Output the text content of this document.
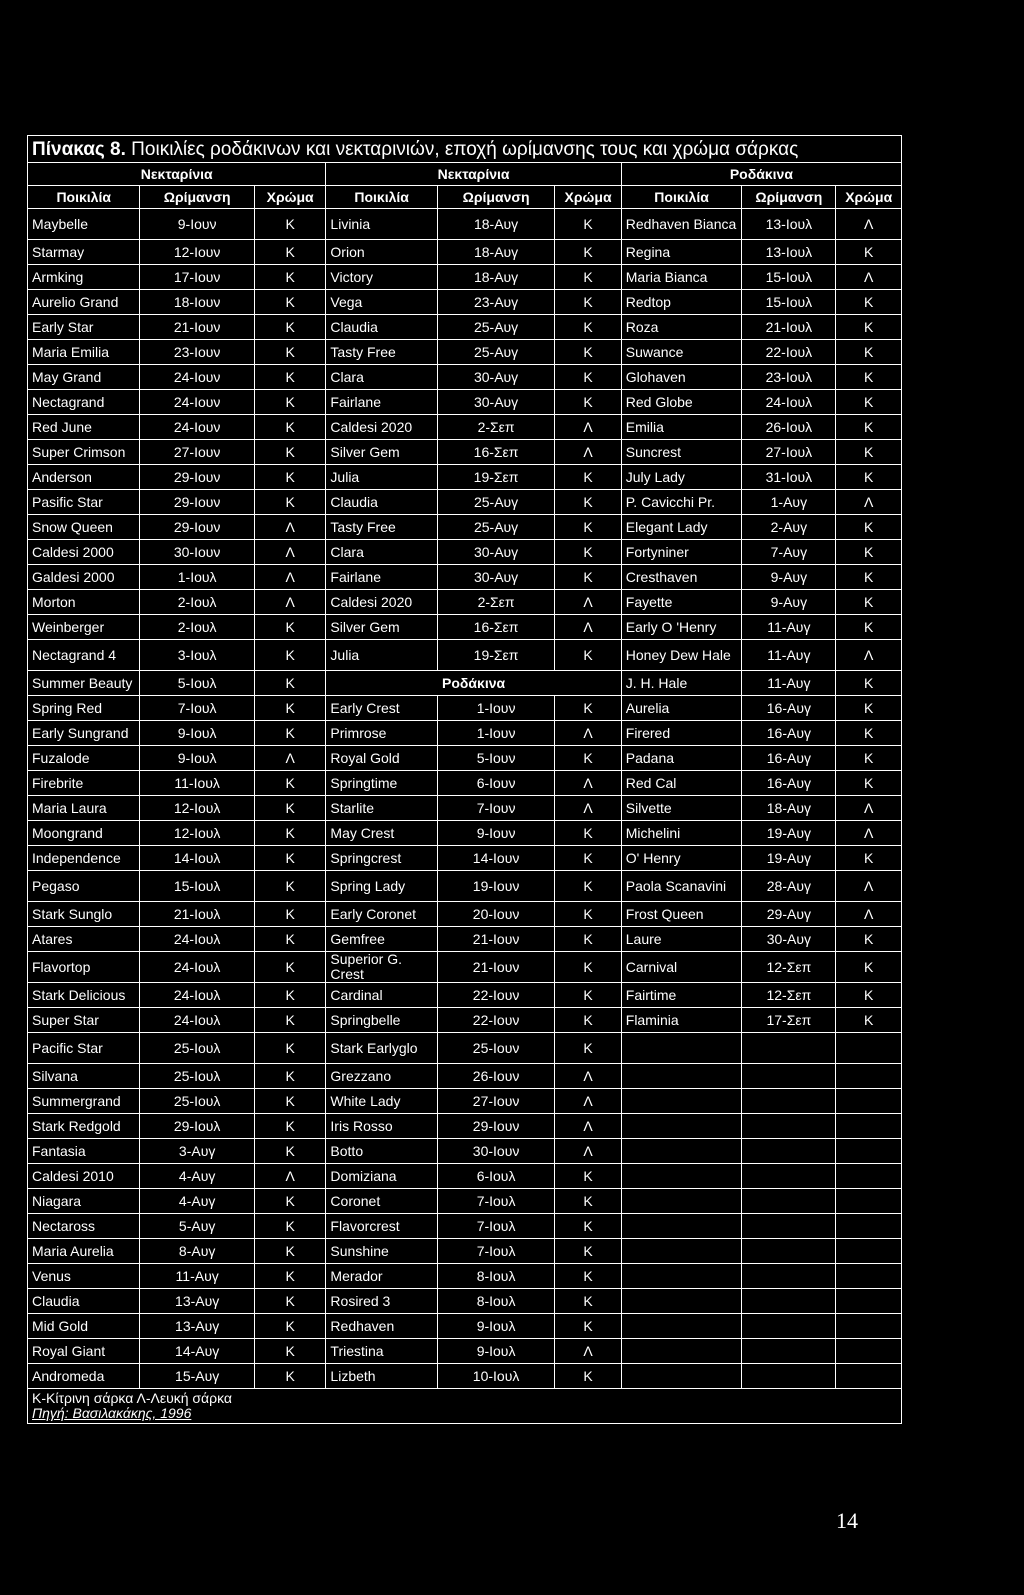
Πίνακας 8. Ποικιλίες ροδάκινων και νεκταρινιών, εποχή ωρίμανσης τους και χρώμα σάρκας								
Νεκταρίνια			Νεκταρίνια			Ροδάκινα		
Ποικιλία	Ωρίμανση	Χρώμα	Ποικιλία	Ωρίμανση	Χρώμα	Ποικιλία	Ωρίμανση	Χρώμα
Maybelle	9-Ιουν	Κ	Livinia	18-Αυγ	Κ	Redhaven Bianca	13-Ιουλ	Λ
Starmay	12-Ιουν	Κ	Orion	18-Αυγ	Κ	Regina	13-Ιουλ	Κ
Armking	17-Ιουν	Κ	Victory	18-Αυγ	Κ	Maria Bianca	15-Ιουλ	Λ
Aurelio Grand	18-Ιουν	Κ	Vega	23-Αυγ	Κ	Redtop	15-Ιουλ	Κ
Early Star	21-Ιουν	Κ	Claudia	25-Αυγ	Κ	Roza	21-Ιουλ	Κ
Maria Emilia	23-Ιουν	Κ	Tasty Free	25-Αυγ	Κ	Suwance	22-Ιουλ	Κ
May Grand	24-Ιουν	Κ	Clara	30-Αυγ	Κ	Glohaven	23-Ιουλ	Κ
Nectagrand	24-Ιουν	Κ	Fairlane	30-Αυγ	Κ	Red Globe	24-Ιουλ	Κ
Red June	24-Ιουν	Κ	Caldesi 2020	2-Σεπ	Λ	Emilia	26-Ιουλ	Κ
Super Crimson	27-Ιουν	Κ	Silver Gem	16-Σεπ	Λ	Suncrest	27-Ιουλ	Κ
Anderson	29-Ιουν	Κ	Julia	19-Σεπ	Κ	July Lady	31-Ιουλ	Κ
Pasific Star	29-Ιουν	Κ	Claudia	25-Αυγ	Κ	P. Cavicchi Pr.	1-Αυγ	Λ
Snow Queen	29-Ιουν	Λ	Tasty Free	25-Αυγ	Κ	Elegant Lady	2-Αυγ	Κ
Caldesi 2000	30-Ιουν	Λ	Clara	30-Αυγ	Κ	Fortyniner	7-Αυγ	Κ
Galdesi 2000	1-Ιουλ	Λ	Fairlane	30-Αυγ	Κ	Cresthaven	9-Αυγ	Κ
Morton	2-Ιουλ	Λ	Caldesi 2020	2-Σεπ	Λ	Fayette	9-Αυγ	Κ
Weinberger	2-Ιουλ	Κ	Silver Gem	16-Σεπ	Λ	Early O 'Henry	11-Αυγ	Κ
Nectagrand 4	3-Ιουλ	Κ	Julia	19-Σεπ	Κ	Honey Dew Hale	11-Αυγ	Λ
Summer Beauty	5-Ιουλ	Κ	Ροδάκινα			J. H. Hale	11-Αυγ	Κ
Spring Red	7-Ιουλ	Κ	Early Crest	1-Ιουν	Κ	Aurelia	16-Αυγ	Κ
Early Sungrand	9-Ιουλ	Κ	Primrose	1-Ιουν	Λ	Firered	16-Αυγ	Κ
Fuzalode	9-Ιουλ	Λ	Royal Gold	5-Ιουν	Κ	Padana	16-Αυγ	Κ
Firebrite	11-Ιουλ	Κ	Springtime	6-Ιουν	Λ	Red Cal	16-Αυγ	Κ
Maria Laura	12-Ιουλ	Κ	Starlite	7-Ιουν	Λ	Silvette	18-Αυγ	Λ
Moongrand	12-Ιουλ	Κ	May Crest	9-Ιουν	Κ	Michelini	19-Αυγ	Λ
Independence	14-Ιουλ	Κ	Springcrest	14-Ιουν	Κ	O' Henry	19-Αυγ	Κ
Pegaso	15-Ιουλ	Κ	Spring Lady	19-Ιουν	Κ	Paola Scanavini	28-Αυγ	Λ
Stark Sunglo	21-Ιουλ	Κ	Early Coronet	20-Ιουν	Κ	Frost Queen	29-Αυγ	Λ
Atares	24-Ιουλ	Κ	Gemfree	21-Ιουν	Κ	Laure	30-Αυγ	Κ
Flavortop	24-Ιουλ	Κ	Superior G. Crest	21-Ιουν	Κ	Carnival	12-Σεπ	Κ
Stark Delicious	24-Ιουλ	Κ	Cardinal	22-Ιουν	Κ	Fairtime	12-Σεπ	Κ
Super Star	24-Ιουλ	Κ	Springbelle	22-Ιουν	Κ	Flaminia	17-Σεπ	Κ
Pacific Star	25-Ιουλ	Κ	Stark Earlyglo	25-Ιουν	Κ			
Silvana	25-Ιουλ	Κ	Grezzano	26-Ιουν	Λ			
Summergrand	25-Ιουλ	Κ	White Lady	27-Ιουν	Λ			
Stark Redgold	29-Ιουλ	Κ	Iris Rosso	29-Ιουν	Λ			
Fantasia	3-Αυγ	Κ	Botto	30-Ιουν	Λ			
Caldesi 2010	4-Αυγ	Λ	Domiziana	6-Ιουλ	Κ			
Niagara	4-Αυγ	Κ	Coronet	7-Ιουλ	Κ			
Nectaross	5-Αυγ	Κ	Flavorcrest	7-Ιουλ	Κ			
Maria Aurelia	8-Αυγ	Κ	Sunshine	7-Ιουλ	Κ			
Venus	11-Αυγ	Κ	Merador	8-Ιουλ	Κ			
Claudia	13-Αυγ	Κ	Rosired 3	8-Ιουλ	Κ			
Mid Gold	13-Αυγ	Κ	Redhaven	9-Ιουλ	Κ			
Royal Giant	14-Αυγ	Κ	Triestina	9-Ιουλ	Λ			
Andromeda	15-Αυγ	Κ	Lizbeth	10-Ιουλ	Κ			

Κ-Κίτρινη σάρκα Λ-Λευκή σάρκα
Πηγή: Βασιλακάκης, 1996								
14
